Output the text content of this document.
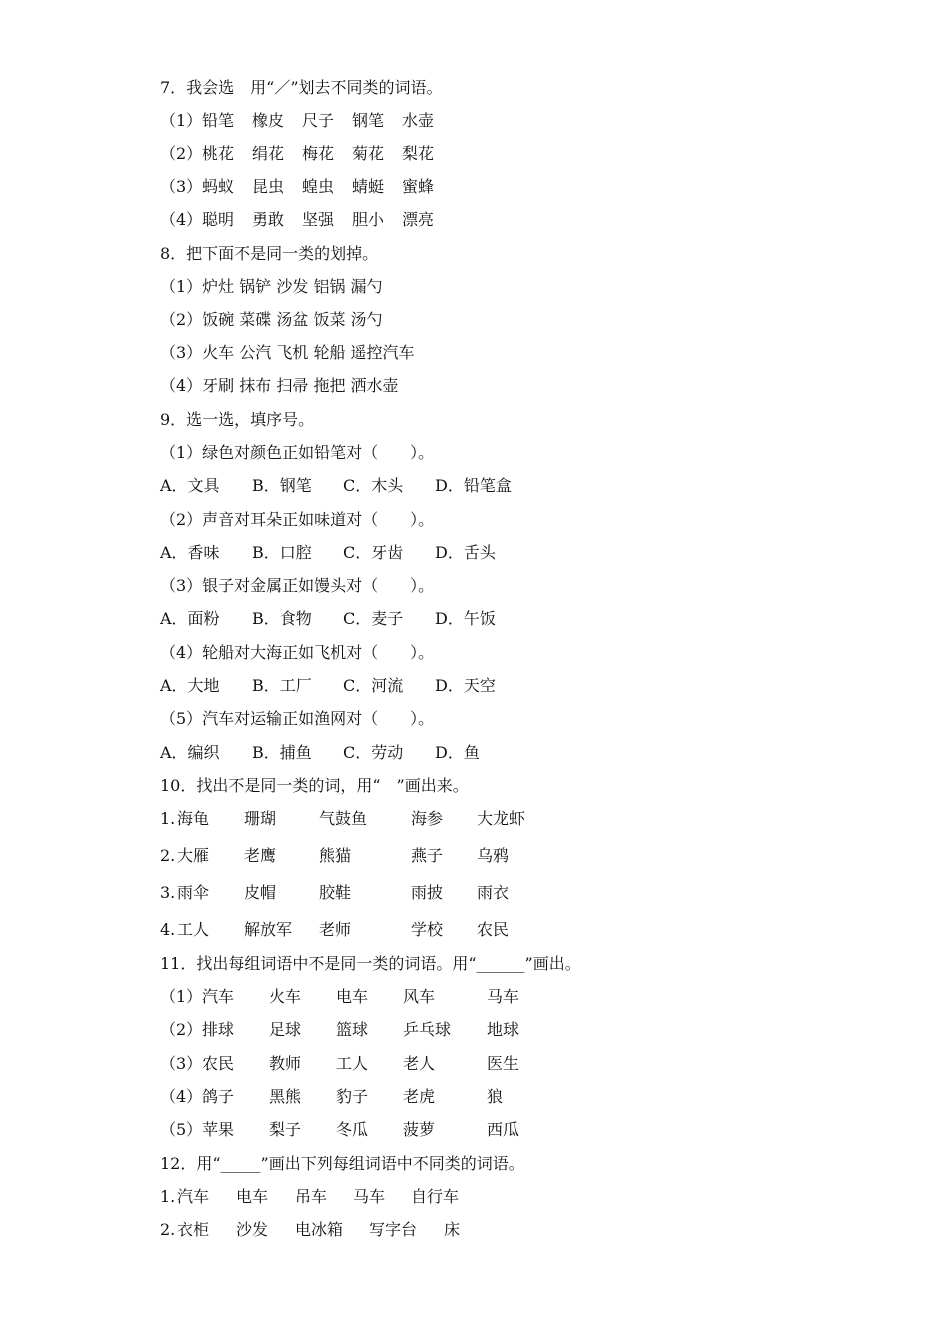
7．我会选　用“／”划去不同类的词语。
（1） 铅笔 橡皮 尺子 钢笔 水壶
（2） 桃花 绢花 梅花 菊花 梨花
（3） 蚂蚁 昆虫 蝗虫 蜻蜓 蜜蜂
（4） 聪明 勇敢 坚强 胆小 漂亮
8．把下面不是同一类的划掉。
（1）炉灶 锅铲 沙发 铝锅 漏勺
（2）饭碗 菜碟 汤盆 饭菜 汤勺
（3）火车 公汽 飞机 轮船 遥控汽车
（4）牙刷 抹布 扫帚 拖把 洒水壶
9．选一选，填序号。
（1）绿色对颜色正如铅笔对（　　）。
A．文具 B．钢笔 C．木头 D．铅笔盒
（2）声音对耳朵正如味道对（　　）。
A．香味 B．口腔 C．牙齿 D．舌头
（3）银子对金属正如馒头对（　　）。
A．面粉 B．食物 C．麦子 D．午饭
（4）轮船对大海正如飞机对（　　）。
A．大地 B．工厂 C．河流 D．天空
（5）汽车对运输正如渔网对（　　）。
A．编织 B．捕鱼 C．劳动 D．鱼
10．找出不是同一类的词，用“　”画出来。
1. 海龟 珊瑚	气鼓鱼	海参 大龙虾
2. 大雁 老鹰	熊猫	燕子 乌鸦
3. 雨伞 皮帽	胶鞋	雨披 雨衣
4. 工人 解放军 老师	学校 农民
11．找出每组词语中不是同一类的词语。用“______”画出。
（1） 汽车 火车 电车 风车	马车
（2） 排球 足球 篮球 乒乓球 地球
（3） 农民 教师 工人 老人	医生
（4） 鸽子 黑熊 豹子 老虎	狼
（5） 苹果 梨子 冬瓜 菠萝	西瓜
12．用“_____”画出下列每组词语中不同类的词语。
1. 汽车 电车 吊车 马车 自行车
2. 衣柜 沙发 电冰箱 写字台 床
